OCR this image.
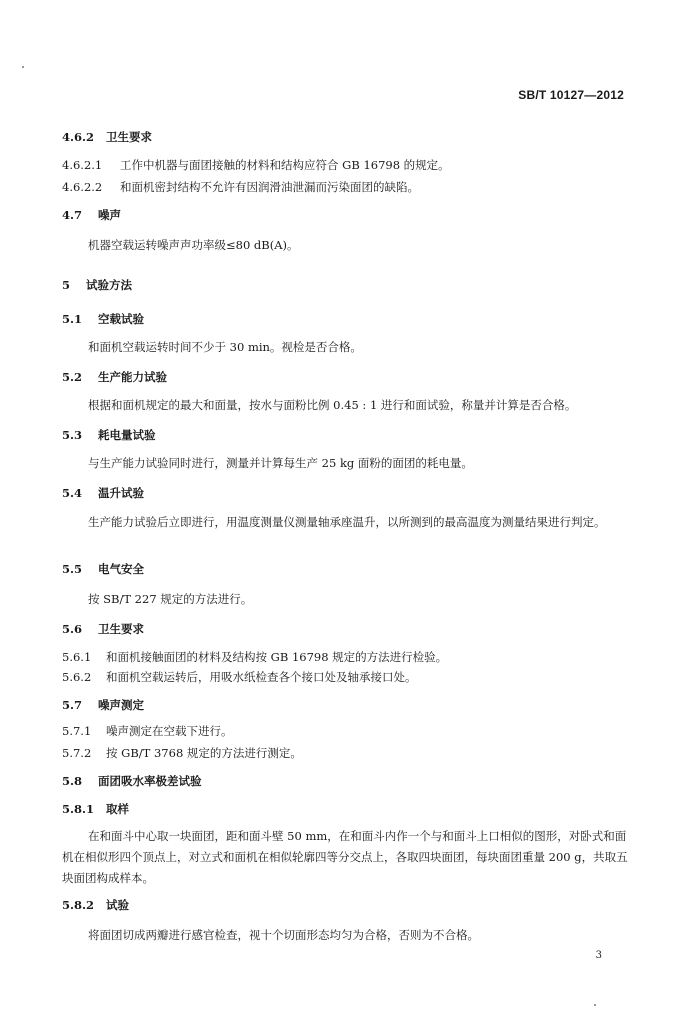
SB/T 10127—2012
4.6.2 卫生要求
4.6.2.1 工作中机器与面团接触的材料和结构应符合 GB 16798 的规定。
4.6.2.2 和面机密封结构不允许有因润滑油泄漏而污染面团的缺陷。
4.7 噪声
机器空载运转噪声声功率级≤80 dB(A)。
5 试验方法
5.1 空载试验
和面机空载运转时间不少于 30 min。视检是否合格。
5.2 生产能力试验
根据和面机规定的最大和面量，按水与面粉比例 0.45 : 1 进行和面试验，称量并计算是否合格。
5.3 耗电量试验
与生产能力试验同时进行，测量并计算每生产 25 kg 面粉的面团的耗电量。
5.4 温升试验
生产能力试验后立即进行，用温度测量仪测量轴承座温升，以所测到的最高温度为测量结果进行判定。
5.5 电气安全
按 SB/T 227 规定的方法进行。
5.6 卫生要求
5.6.1 和面机接触面团的材料及结构按 GB 16798 规定的方法进行检验。
5.6.2 和面机空载运转后，用吸水纸检查各个接口处及轴承接口处。
5.7 噪声测定
5.7.1 噪声测定在空载下进行。
5.7.2 按 GB/T 3768 规定的方法进行测定。
5.8 面团吸水率极差试验
5.8.1 取样
在和面斗中心取一块面团，距和面斗壁 50 mm，在和面斗内作一个与和面斗上口相似的图形，对卧式和面机在相似形四个顶点上，对立式和面机在相似轮廓四等分交点上，各取四块面团，每块面团重量 200 g，共取五块面团构成样本。
5.8.2 试验
将面团切成两瓣进行感官检查，视十个切面形态均匀为合格，否则为不合格。
3
